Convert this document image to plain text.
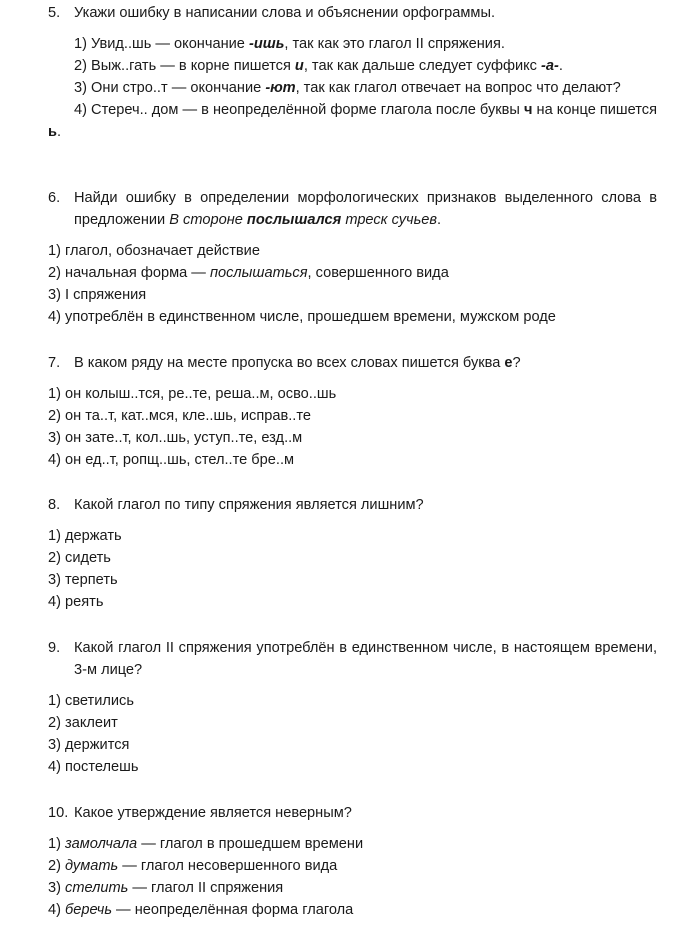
5. Укажи ошибку в написании слова и объяснении орфограммы.
1) Увид..шь — окончание -ишь, так как это глагол II спряжения.
2) Выж..гать — в корне пишется и, так как дальше следует суффикс -а-.
3) Они стро..т — окончание -ют, так как глагол отвечает на вопрос что делают?
4) Стереч.. дом — в неопределённой форме глагола после буквы ч на конце пишется ь.
6. Найди ошибку в определении морфологических признаков выделенного слова в предложении В стороне послышался треск сучьев.
1) глагол, обозначает действие
2) начальная форма — послышаться, совершенного вида
3) I спряжения
4) употреблён в единственном числе, прошедшем времени, мужском роде
7. В каком ряду на месте пропуска во всех словах пишется буква е?
1) он колыш..тся, ре..те, реша..м, осво..шь
2) он та..т, кат..мся, кле..шь, исправ..те
3) он зате..т, кол..шь, уступ..те, езд..м
4) он ед..т, ропщ..шь, стел..те бре..м
8. Какой глагол по типу спряжения является лишним?
1) держать
2) сидеть
3) терпеть
4) реять
9. Какой глагол II спряжения употреблён в единственном числе, в настоящем времени, 3-м лице?
1) светились
2) заклеит
3) держится
4) постелешь
10. Какое утверждение является неверным?
1) замолчала — глагол в прошедшем времени
2) думать — глагол несовершенного вида
3) стелить — глагол II спряжения
4) беречь — неопределённая форма глагола
